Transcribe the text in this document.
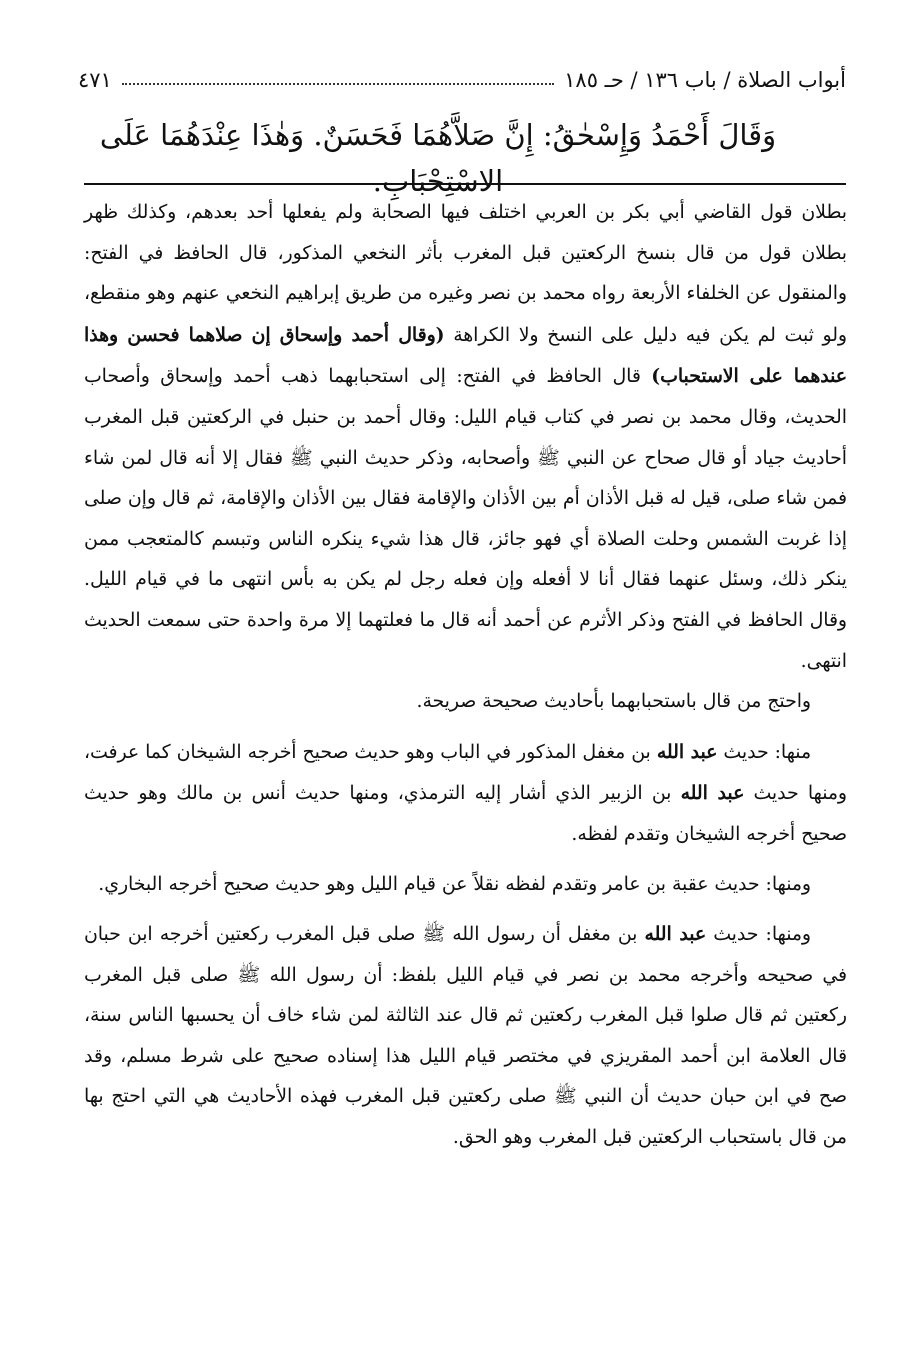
أبواب الصلاة / باب ١٣٦ / حـ ١٨٥
٤٧١
وَقَالَ أَحْمَدُ وَإِسْحٰقُ: إِنَّ صَلاَّهُمَا فَحَسَنٌ. وَهٰذَا عِنْدَهُمَا عَلَى الاسْتِحْبَابِ.

بطلان قول القاضي أبي بكر بن العربي اختلف فيها الصحابة ولم يفعلها أحد بعدهم، وكذلك ظهر بطلان قول من قال بنسخ الركعتين قبل المغرب بأثر النخعي المذكور، قال الحافظ في الفتح: والمنقول عن الخلفاء الأربعة رواه محمد بن نصر وغيره من طريق إبراهيم النخعي عنهم وهو منقطع، ولو ثبت لم يكن فيه دليل على النسخ ولا الكراهة (وقال أحمد وإسحاق إن صلاهما فحسن وهذا عندهما على الاستحباب) قال الحافظ في الفتح: إلى استحبابهما ذهب أحمد وإسحاق وأصحاب الحديث، وقال محمد بن نصر في كتاب قيام الليل: وقال أحمد بن حنبل في الركعتين قبل المغرب أحاديث جياد أو قال صحاح عن النبي ﷺ وأصحابه، وذكر حديث النبي ﷺ فقال إلا أنه قال لمن شاء فمن شاء صلى، قيل له قبل الأذان أم بين الأذان والإقامة فقال بين الأذان والإقامة، ثم قال وإن صلى إذا غربت الشمس وحلت الصلاة أي فهو جائز، قال هذا شيء ينكره الناس وتبسم كالمتعجب ممن ينكر ذلك، وسئل عنهما فقال أنا لا أفعله وإن فعله رجل لم يكن به بأس انتهى ما في قيام الليل. وقال الحافظ في الفتح وذكر الأثرم عن أحمد أنه قال ما فعلتهما إلا مرة واحدة حتى سمعت الحديث انتهى.

واحتج من قال باستحبابهما بأحاديث صحيحة صريحة.

منها: حديث عبد الله بن مغفل المذكور في الباب وهو حديث صحيح أخرجه الشيخان كما عرفت، ومنها حديث عبد الله بن الزبير الذي أشار إليه الترمذي، ومنها حديث أنس بن مالك وهو حديث صحيح أخرجه الشيخان وتقدم لفظه.

ومنها: حديث عقبة بن عامر وتقدم لفظه نقلاً عن قيام الليل وهو حديث صحيح أخرجه البخاري.

ومنها: حديث عبد الله بن مغفل أن رسول الله ﷺ صلى قبل المغرب ركعتين أخرجه ابن حبان في صحيحه وأخرجه محمد بن نصر في قيام الليل بلفظ: أن رسول الله ﷺ صلى قبل المغرب ركعتين ثم قال صلوا قبل المغرب ركعتين ثم قال عند الثالثة لمن شاء خاف أن يحسبها الناس سنة، قال العلامة ابن أحمد المقريزي في مختصر قيام الليل هذا إسناده صحيح على شرط مسلم، وقد صح في ابن حبان حديث أن النبي ﷺ صلى ركعتين قبل المغرب فهذه الأحاديث هي التي احتج بها من قال باستحباب الركعتين قبل المغرب وهو الحق.
